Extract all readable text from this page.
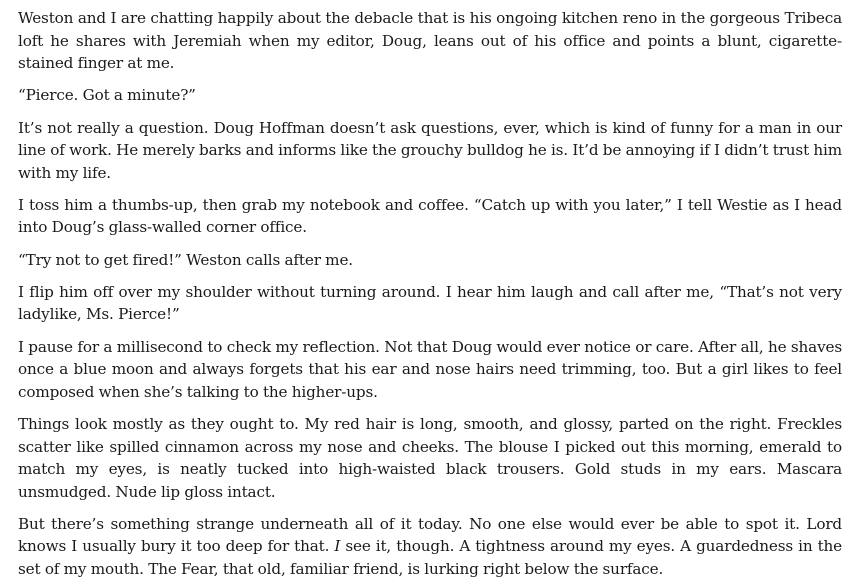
Weston and I are chatting happily about the debacle that is his ongoing kitchen reno in the gorgeous Tribeca loft he shares with Jeremiah when my editor, Doug, leans out of his office and points a blunt, cigarette-stained finger at me.

“Pierce. Got a minute?”

It’s not really a question. Doug Hoffman doesn’t ask questions, ever, which is kind of funny for a man in our line of work. He merely barks and informs like the grouchy bulldog he is. It’d be annoying if I didn’t trust him with my life.

I toss him a thumbs-up, then grab my notebook and coffee. “Catch up with you later,” I tell Westie as I head into Doug’s glass-walled corner office.

“Try not to get fired!” Weston calls after me.

I flip him off over my shoulder without turning around. I hear him laugh and call after me, “That’s not very ladylike, Ms. Pierce!”

I pause for a millisecond to check my reflection. Not that Doug would ever notice or care. After all, he shaves once a blue moon and always forgets that his ear and nose hairs need trimming, too. But a girl likes to feel composed when she’s talking to the higher-ups.

Things look mostly as they ought to. My red hair is long, smooth, and glossy, parted on the right. Freckles scatter like spilled cinnamon across my nose and cheeks. The blouse I picked out this morning, emerald to match my eyes, is neatly tucked into high-waisted black trousers. Gold studs in my ears. Mascara unsmudged. Nude lip gloss intact.

But there’s something strange underneath all of it today. No one else would ever be able to spot it. Lord knows I usually bury it too deep for that. I see it, though. A tightness around my eyes. A guardedness in the set of my mouth. The Fear, that old, familiar friend, is lurking right below the surface.
